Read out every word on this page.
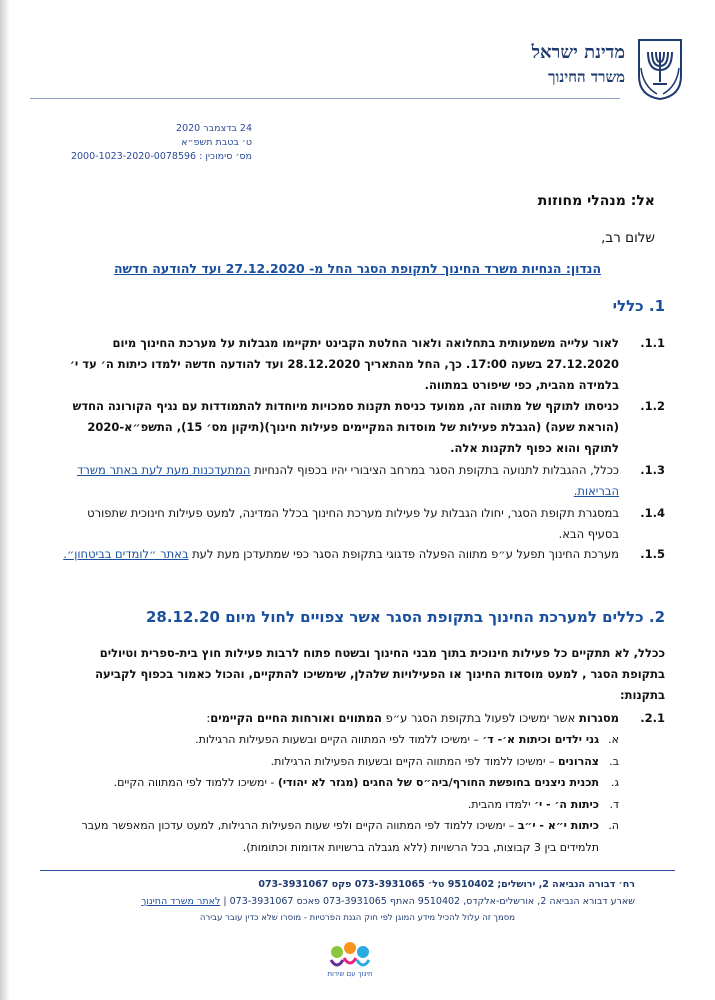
מדינת ישראל
משרד החינוך
24 בדצמבר 2020
ט׳ בטבת תשפ״א
מס׳ סימוכין : 2000-1023-2020-0078596
אל: מנהלי מחוזות
שלום רב,
הנדון: הנחיות משרד החינוך לתקופת הסגר החל מ- 27.12.2020 ועד להודעה חדשה
1. כללי
1.1.
לאור עלייה משמעותית בתחלואה ולאור החלטת הקבינט יתקיימו מגבלות על מערכת החינוך מיום 27.12.2020 בשעה 17:00. כך, החל מהתאריך 28.12.2020 ועד להודעה חדשה ילמדו כיתות ה׳ עד י׳ בלמידה מהבית, כפי שיפורט במתווה.
1.2.
כניסתו לתוקף של מתווה זה, ממועד כניסת תקנות סמכויות מיוחדות להתמודדות עם נגיף הקורונה החדש (הוראת שעה) (הגבלת פעילות של מוסדות המקיימים פעילות חינוך)(תיקון מס׳ 15), התשפ״א-2020 לתוקף והוא כפוף לתקנות אלה.
1.3.
ככלל, ההגבלות לתנועה בתקופת הסגר במרחב הציבורי יהיו בכפוף להנחיות המתעדכנות מעת לעת באתר משרד הבריאות.
1.4.
במסגרת תקופת הסגר, יחולו הגבלות על פעילות מערכת החינוך בכלל המדינה, למעט פעילות חינוכית שתפורט בסעיף הבא.
1.5.
מערכת החינוך תפעל ע״פ מתווה הפעלה פדגוגי בתקופת הסגר כפי שמתעדכן מעת לעת באתר ״לומדים בביטחון״.
2. כללים למערכת החינוך בתקופת הסגר אשר צפויים לחול מיום 28.12.20
ככלל, לא תתקיים כל פעילות חינוכית בתוך מבני החינוך ובשטח פתוח לרבות פעילות חוץ בית-ספרית וטיולים בתקופת הסגר , למעט מוסדות החינוך או הפעילויות שלהלן, שימשיכו להתקיים, והכול כאמור בכפוף לקביעה בתקנות:
2.1.
מסגרות אשר ימשיכו לפעול בתקופת הסגר ע״פ המתווים ואורחות החיים הקיימים:
א.
גני ילדים וכיתות א׳- ד׳ – ימשיכו ללמוד לפי המתווה הקיים ובשעות הפעילות הרגילות.
ב.
צהרונים – ימשיכו ללמוד לפי המתווה הקיים ובשעות הפעילות הרגילות.
ג.
תכנית ניצנים בחופשת החורף/ביה״ס של החגים (מגזר לא יהודי) - ימשיכו ללמוד לפי המתווה הקיים.
ד.
כיתות ה׳ - י׳ ילמדו מהבית.
ה.
כיתות י״א - י״ב – ימשיכו ללמוד לפי המתווה הקיים ולפי שעות הפעילות הרגילות, למעט עדכון המאפשר מעבר תלמידים בין 3 קבוצות, בכל הרשויות (ללא מגבלה ברשויות אדומות וכתומות).
רח׳ דבורה הנביאה 2, ירושלים; 9510402 טל׳ 073-3931065 פקס 073-3931067
שארע דבורא הנביאה 2, אורשלים-אלקדס, 9510402 האתף 073-3931065 פאכס 073-3931067 | לאתר משרד החינוך
מסמך זה עלול להכיל מידע המוגן לפי חוק הגנת הפרטיות - מוסרו שלא כדין עובר עבירה
חינוך עם שירות
